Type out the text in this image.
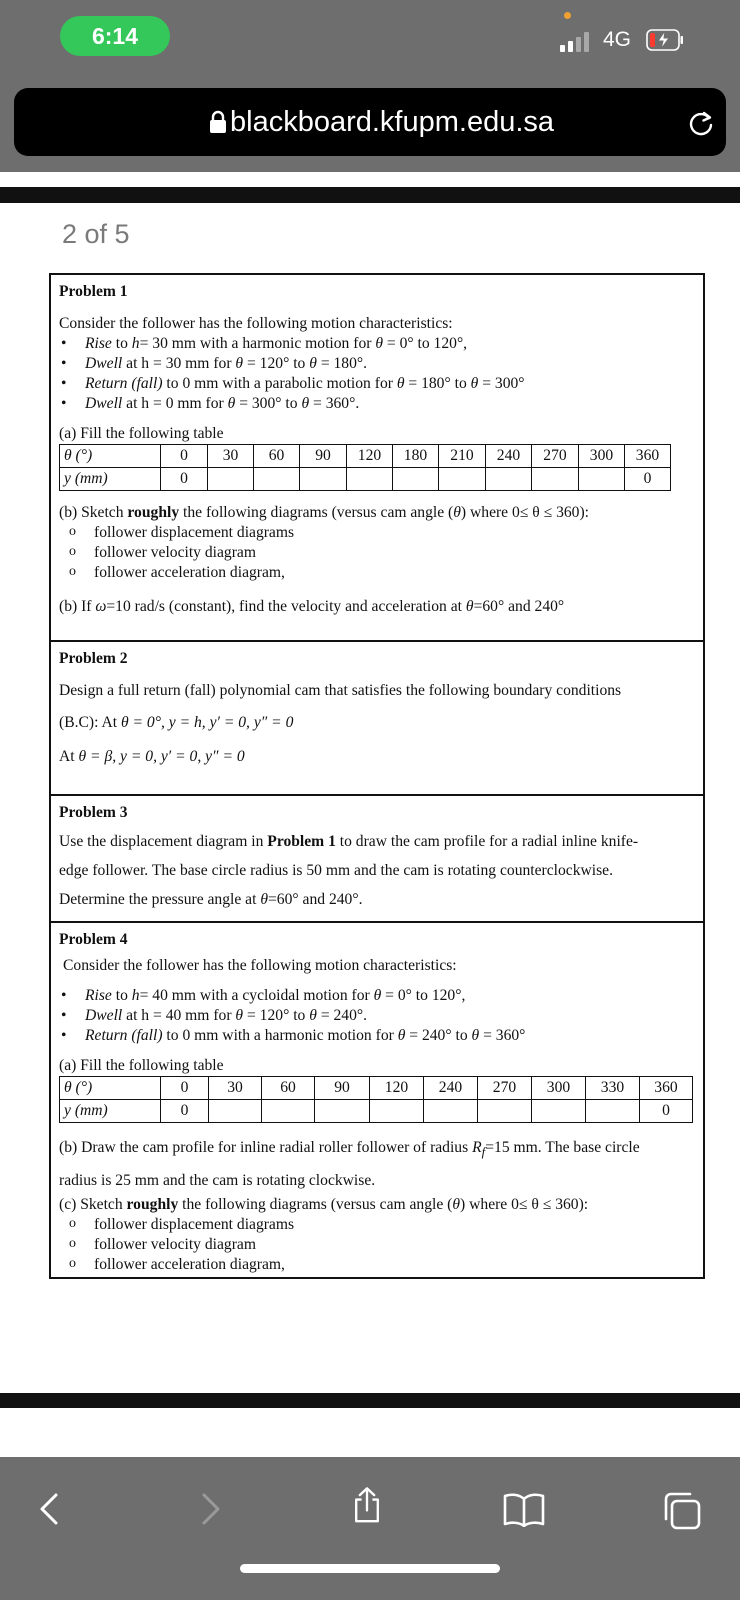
6:14	4G
blackboard.kfupm.edu.sa
2 of 5

Problem 1

Consider the follower has the following motion characteristics:

• Rise to h= 30 mm with a harmonic motion for θ = 0° to 120°,
• Dwell at h = 30 mm for θ = 120° to θ = 180°.
• Return (fall) to 0 mm with a parabolic motion for θ = 180° to θ = 300°
• Dwell at h = 0 mm for θ = 300° to θ = 360°.

(a) Fill the following table

θ (°)	0	30	60	90	120	180	210	240	270	300	360
y (mm)	0										0

(b) Sketch roughly the following diagrams (versus cam angle (θ) where 0≤ θ ≤ 360):

o follower displacement diagrams
o follower velocity diagram
o follower acceleration diagram,

(b) If ω=10 rad/s (constant), find the velocity and acceleration at θ=60° and 240°

Problem 2

Design a full return (fall) polynomial cam that satisfies the following boundary conditions

(B.C): At θ = 0°, y = h, y′ = 0, y″ = 0

At θ = β, y = 0, y′ = 0, y″ = 0

Problem 3

Use the displacement diagram in Problem 1 to draw the cam profile for a radial inline knife-

edge follower. The base circle radius is 50 mm and the cam is rotating counterclockwise.

Determine the pressure angle at θ=60° and 240°.

Problem 4

Consider the follower has the following motion characteristics:

• Rise to h= 40 mm with a cycloidal motion for θ = 0° to 120°,
• Dwell at h = 40 mm for θ = 120° to θ = 240°.
• Return (fall) to 0 mm with a harmonic motion for θ = 240° to θ = 360°

(a) Fill the following table

θ (°)	0	30	60	90	120	240	270	300	330	360
y (mm)	0									0

(b) Draw the cam profile for inline radial roller follower of radius $R_f=15$ mm. The base circle

radius is 25 mm and the cam is rotating clockwise.

(c) Sketch roughly the following diagrams (versus cam angle (θ) where 0≤ θ ≤ 360):

o follower displacement diagrams
o follower velocity diagram
o follower acceleration diagram,
